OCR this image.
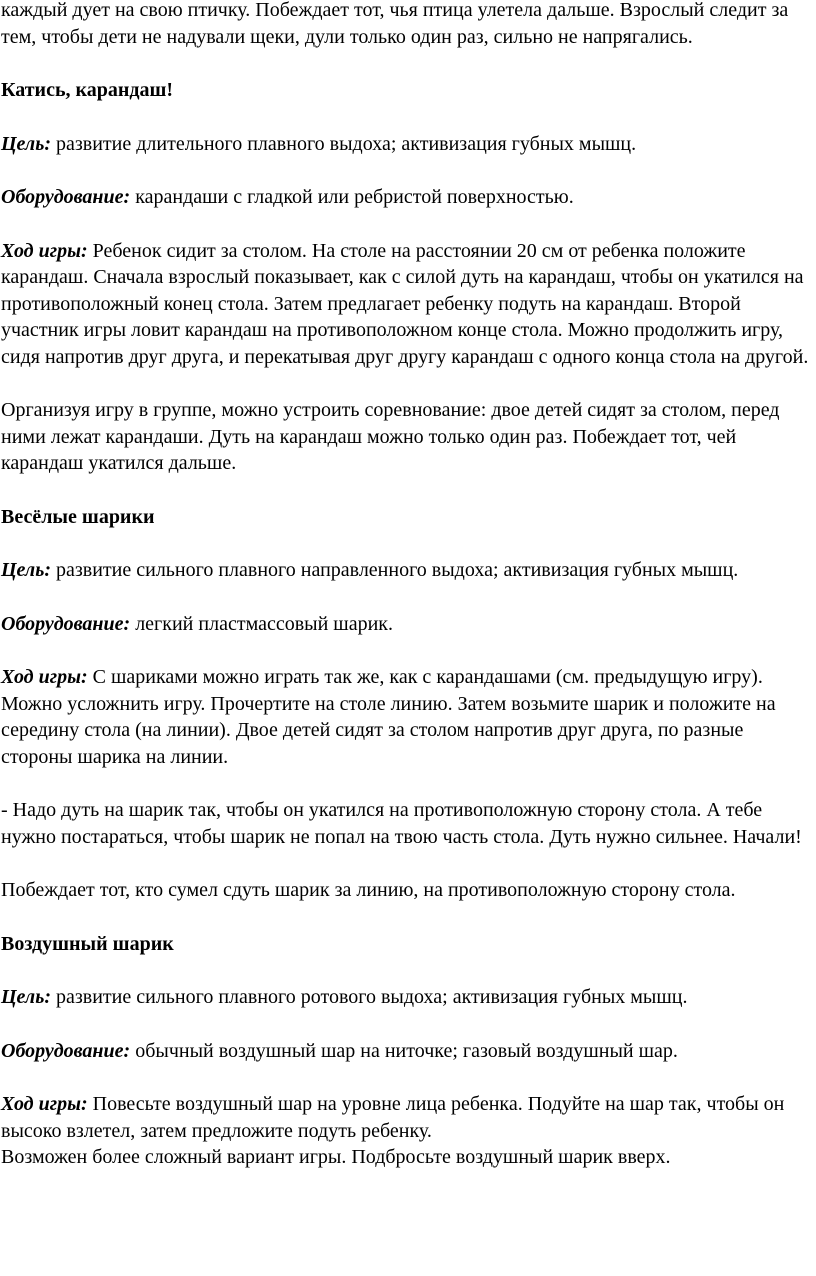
каждый дует на свою птичку. Побеждает тот, чья птица улетела дальше. Взрослый следит за тем, чтобы дети не надували щеки, дули только один раз, сильно не напрягались.

Катись, карандаш!

Цель: развитие длительного плавного выдоха; активизация губных мышц.

Оборудование: карандаши с гладкой или ребристой поверхностью.

Ход игры: Ребенок сидит за столом. На столе на расстоянии 20 см от ребенка положите карандаш. Сначала взрослый показывает, как с силой дуть на карандаш, чтобы он укатился на противоположный конец стола. Затем предлагает ребенку подуть на карандаш. Второй участник игры ловит карандаш на противоположном конце стола. Можно продолжить игру, сидя напротив друг друга, и перекатывая друг другу карандаш с одного конца стола на другой.

Организуя игру в группе, можно устроить соревнование: двое детей сидят за столом, перед ними лежат карандаши. Дуть на карандаш можно только один раз. Побеждает тот, чей карандаш укатился дальше.

Весёлые шарики

Цель: развитие сильного плавного направленного выдоха; активизация губных мышц.

Оборудование: легкий пластмассовый шарик.

Ход игры: С шариками можно играть так же, как с карандашами (см. предыдущую игру). Можно усложнить игру. Прочертите на столе линию. Затем возьмите шарик и положите на середину стола (на линии). Двое детей сидят за столом напротив друг друга, по разные стороны шарика на линии.

- Надо дуть на шарик так, чтобы он укатился на противоположную сторону стола. А тебе нужно постараться, чтобы шарик не попал на твою часть стола. Дуть нужно сильнее. Начали!

Побеждает тот, кто сумел сдуть шарик за линию, на противоположную сторону стола.

Воздушный шарик

Цель: развитие сильного плавного ротового выдоха; активизация губных мышц.

Оборудование: обычный воздушный шар на ниточке; газовый воздушный шар.

Ход игры: Повесьте воздушный шар на уровне лица ребенка. Подуйте на шар так, чтобы он высоко взлетел, затем предложите подуть ребенку.

Возможен более сложный вариант игры. Подбросьте воздушный шарик вверх.
